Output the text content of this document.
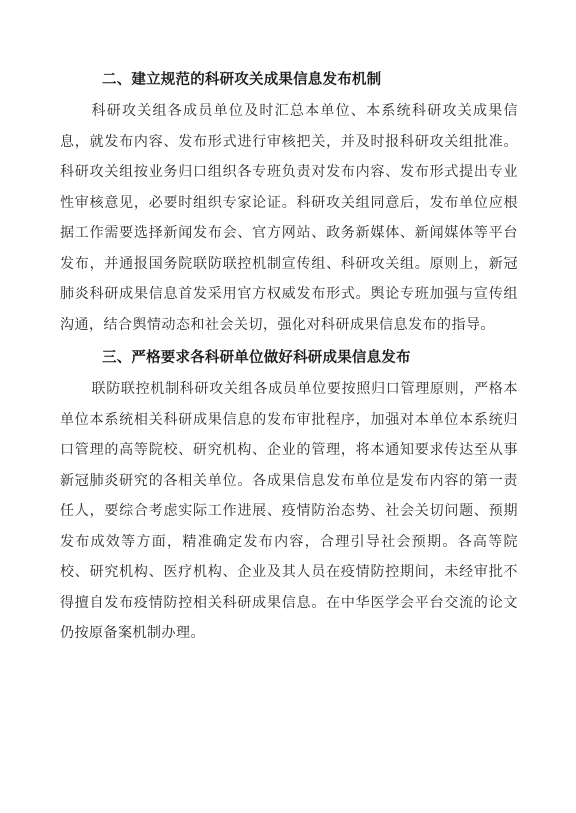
二、建立规范的科研攻关成果信息发布机制

科研攻关组各成员单位及时汇总本单位、本系统科研攻关成果信息，就发布内容、发布形式进行审核把关，并及时报科研攻关组批准。科研攻关组按业务归口组织各专班负责对发布内容、发布形式提出专业性审核意见，必要时组织专家论证。科研攻关组同意后，发布单位应根据工作需要选择新闻发布会、官方网站、政务新媒体、新闻媒体等平台发布，并通报国务院联防联控机制宣传组、科研攻关组。原则上，新冠肺炎科研成果信息首发采用官方权威发布形式。舆论专班加强与宣传组沟通，结合舆情动态和社会关切，强化对科研成果信息发布的指导。

三、严格要求各科研单位做好科研成果信息发布

联防联控机制科研攻关组各成员单位要按照归口管理原则，严格本单位本系统相关科研成果信息的发布审批程序，加强对本单位本系统归口管理的高等院校、研究机构、企业的管理，将本通知要求传达至从事新冠肺炎研究的各相关单位。各成果信息发布单位是发布内容的第一责任人，要综合考虑实际工作进展、疫情防治态势、社会关切问题、预期发布成效等方面，精准确定发布内容，合理引导社会预期。各高等院校、研究机构、医疗机构、企业及其人员在疫情防控期间，未经审批不得擅自发布疫情防控相关科研成果信息。在中华医学会平台交流的论文仍按原备案机制办理。
